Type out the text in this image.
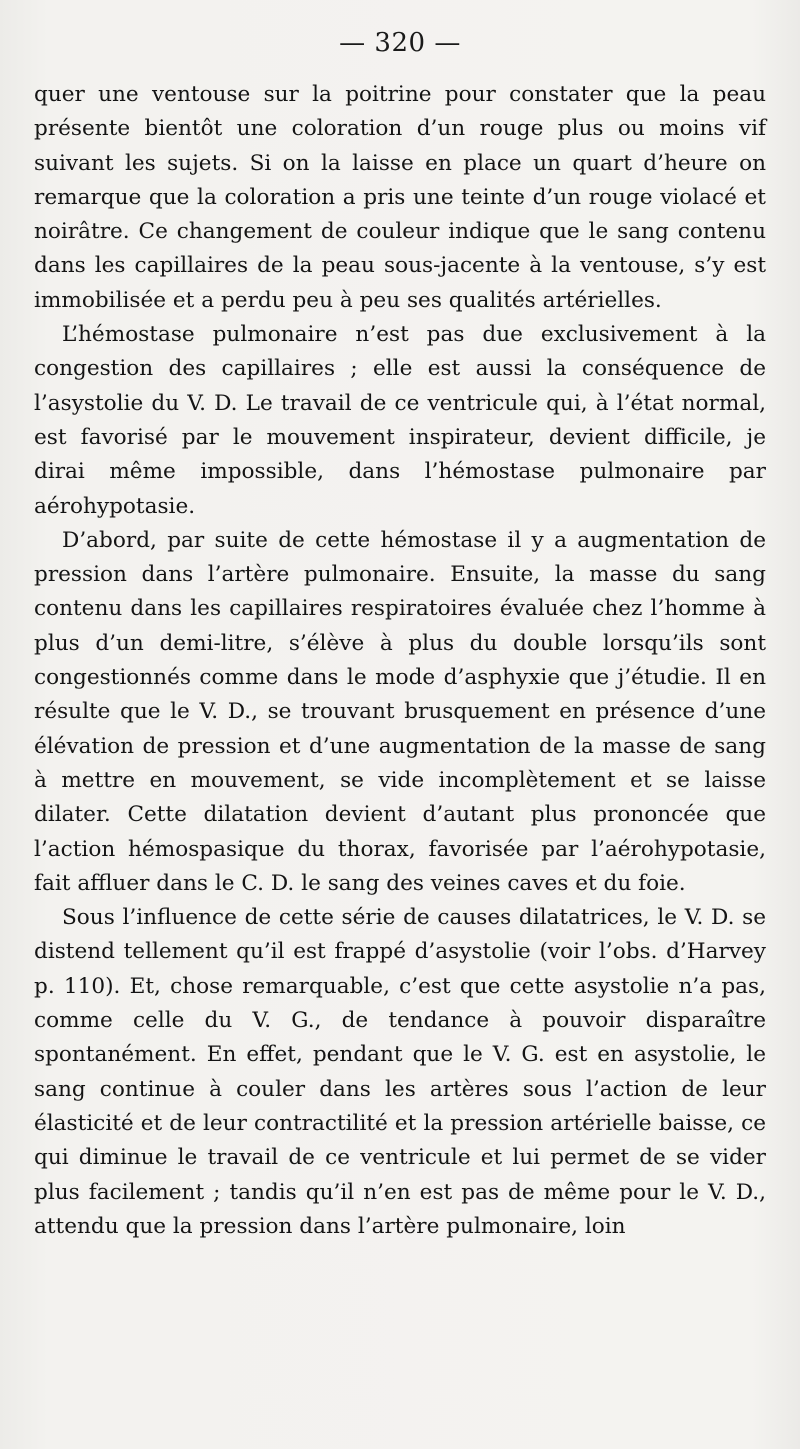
— 320 —

quer une ventouse sur la poitrine pour constater que la peau présente bientôt une coloration d’un rouge plus ou moins vif suivant les sujets. Si on la laisse en place un quart d’heure on remarque que la coloration a pris une teinte d’un rouge violacé et noirâtre. Ce changement de couleur indique que le sang contenu dans les capillaires de la peau sous-jacente à la ventouse, s’y est immobilisée et a perdu peu à peu ses qualités artérielles.

L’hémostase pulmonaire n’est pas due exclusivement à la congestion des capillaires ; elle est aussi la conséquence de l’asystolie du V. D. Le travail de ce ventricule qui, à l’état normal, est favorisé par le mouvement inspirateur, devient difficile, je dirai même impossible, dans l’hémostase pulmonaire par aérohypotasie.

D’abord, par suite de cette hémostase il y a augmentation de pression dans l’artère pulmonaire. Ensuite, la masse du sang contenu dans les capillaires respiratoires évaluée chez l’homme à plus d’un demi-litre, s’élève à plus du double lorsqu’ils sont congestionnés comme dans le mode d’asphyxie que j’étudie. Il en résulte que le V. D., se trouvant brusquement en présence d’une élévation de pression et d’une augmentation de la masse de sang à mettre en mouvement, se vide incomplètement et se laisse dilater. Cette dilatation devient d’autant plus prononcée que l’action hémospasique du thorax, favorisée par l’aérohypotasie, fait affluer dans le C. D. le sang des veines caves et du foie.

Sous l’influence de cette série de causes dilatatrices, le V. D. se distend tellement qu’il est frappé d’asystolie (voir l’obs. d’Harvey p. 110). Et, chose remarquable, c’est que cette asystolie n’a pas, comme celle du V. G., de tendance à pouvoir disparaître spontanément. En effet, pendant que le V. G. est en asystolie, le sang continue à couler dans les artères sous l’action de leur élasticité et de leur contractilité et la pression artérielle baisse, ce qui diminue le travail de ce ventricule et lui permet de se vider plus facilement ; tandis qu’il n’en est pas de même pour le V. D., attendu que la pression dans l’artère pulmonaire, loin
